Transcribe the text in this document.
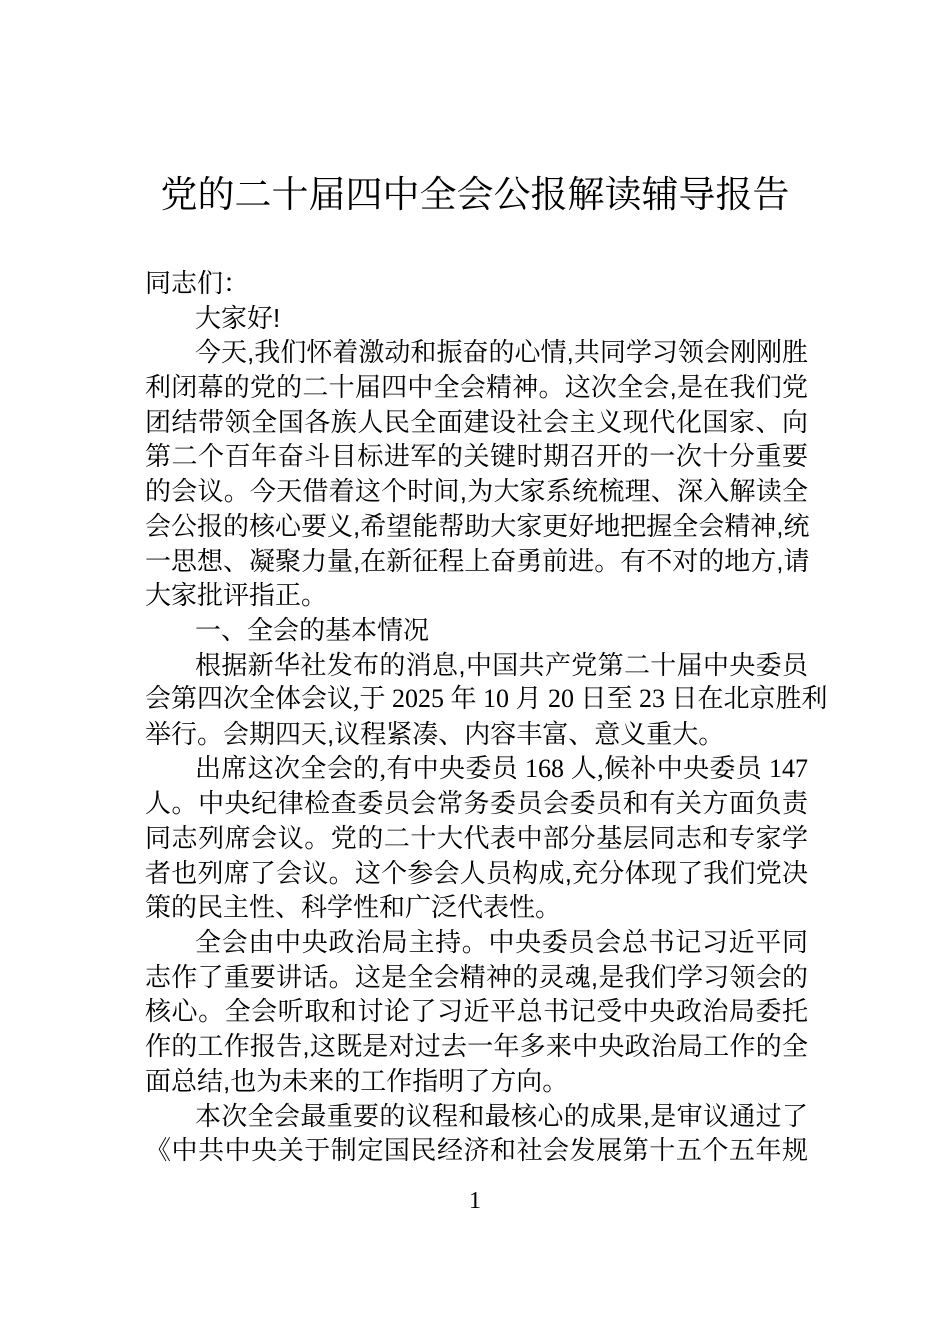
党的二十届四中全会公报解读辅导报告
同志们：
大家好!
今天,我们怀着激动和振奋的心情,共同学习领会刚刚胜
利闭幕的党的二十届四中全会精神。这次全会,是在我们党
团结带领全国各族人民全面建设社会主义现代化国家、向
第二个百年奋斗目标进军的关键时期召开的一次十分重要
的会议。今天借着这个时间,为大家系统梳理、深入解读全
会公报的核心要义,希望能帮助大家更好地把握全会精神,统
一思想、凝聚力量,在新征程上奋勇前进。有不对的地方,请
大家批评指正。
一、全会的基本情况
根据新华社发布的消息,中国共产党第二十届中央委员
会第四次全体会议,于 2025 年 10 月 20 日至 23 日在北京胜利
举行。会期四天,议程紧凑、内容丰富、意义重大。
出席这次全会的,有中央委员 168 人,候补中央委员 147
人。中央纪律检查委员会常务委员会委员和有关方面负责
同志列席会议。党的二十大代表中部分基层同志和专家学
者也列席了会议。这个参会人员构成,充分体现了我们党决
策的民主性、科学性和广泛代表性。
全会由中央政治局主持。中央委员会总书记习近平同
志作了重要讲话。这是全会精神的灵魂,是我们学习领会的
核心。全会听取和讨论了习近平总书记受中央政治局委托
作的工作报告,这既是对过去一年多来中央政治局工作的全
面总结,也为未来的工作指明了方向。
本次全会最重要的议程和最核心的成果,是审议通过了
《中共中央关于制定国民经济和社会发展第十五个五年规
1
